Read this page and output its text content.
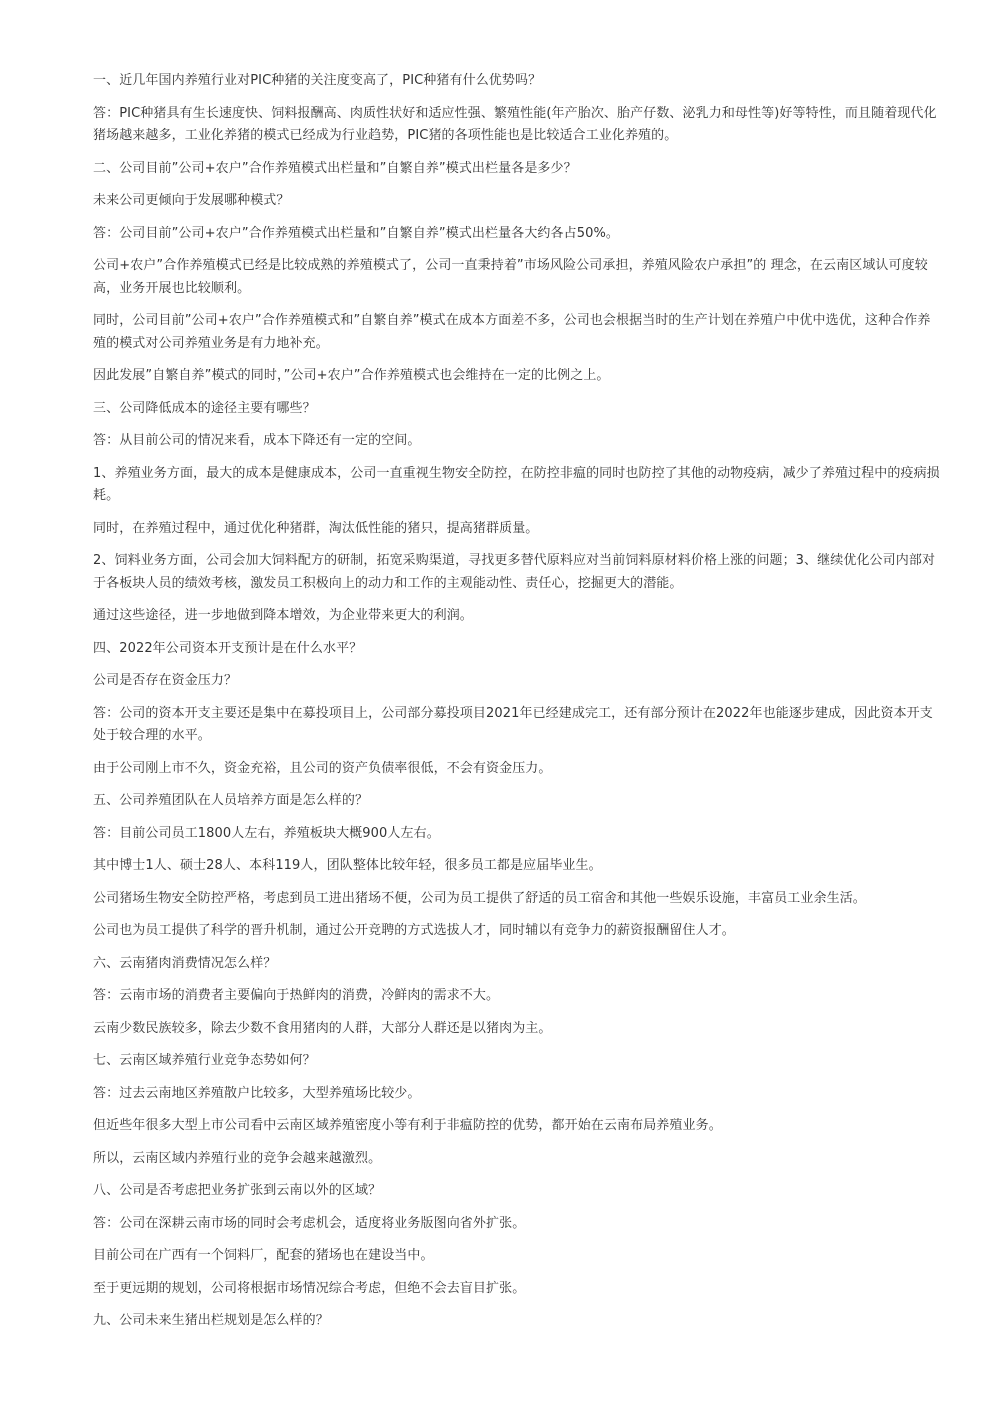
一、近几年国内养殖行业对PIC种猪的关注度变高了，PIC种猪有什么优势吗？

答：PIC种猪具有生长速度快、饲料报酬高、肉质性状好和适应性强、繁殖性能(年产胎次、胎产仔数、泌乳力和母性等)好等特性，而且随着现代化猪场越来越多，工业化养猪的模式已经成为行业趋势，PIC猪的各项性能也是比较适合工业化养殖的。

二、公司目前”公司+农户”合作养殖模式出栏量和”自繁自养”模式出栏量各是多少？

未来公司更倾向于发展哪种模式？

答：公司目前”公司+农户”合作养殖模式出栏量和”自繁自养”模式出栏量各大约各占50%。

公司+农户”合作养殖模式已经是比较成熟的养殖模式了，公司一直秉持着”市场风险公司承担，养殖风险农户承担”的 理念，在云南区域认可度较高，业务开展也比较顺利。

同时，公司目前”公司+农户”合作养殖模式和”自繁自养”模式在成本方面差不多，公司也会根据当时的生产计划在养殖户中优中选优，这种合作养殖的模式对公司养殖业务是有力地补充。

因此发展”自繁自养”模式的同时，”公司+农户”合作养殖模式也会维持在一定的比例之上。

三、公司降低成本的途径主要有哪些？

答：从目前公司的情况来看，成本下降还有一定的空间。

1、养殖业务方面，最大的成本是健康成本，公司一直重视生物安全防控，在防控非瘟的同时也防控了其他的动物疫病，减少了养殖过程中的疫病损耗。

同时，在养殖过程中，通过优化种猪群，淘汰低性能的猪只，提高猪群质量。

2、饲料业务方面，公司会加大饲料配方的研制，拓宽采购渠道，寻找更多替代原料应对当前饲料原材料价格上涨的问题；3、继续优化公司内部对于各板块人员的绩效考核，激发员工积极向上的动力和工作的主观能动性、责任心，挖掘更大的潜能。

通过这些途径，进一步地做到降本增效，为企业带来更大的利润。

四、2022年公司资本开支预计是在什么水平？

公司是否存在资金压力？

答：公司的资本开支主要还是集中在募投项目上，公司部分募投项目2021年已经建成完工，还有部分预计在2022年也能逐步建成，因此资本开支处于较合理的水平。

由于公司刚上市不久，资金充裕，且公司的资产负债率很低，不会有资金压力。

五、公司养殖团队在人员培养方面是怎么样的？

答：目前公司员工1800人左右，养殖板块大概900人左右。

其中博士1人、硕士28人、本科119人，团队整体比较年轻，很多员工都是应届毕业生。

公司猪场生物安全防控严格，考虑到员工进出猪场不便，公司为员工提供了舒适的员工宿舍和其他一些娱乐设施，丰富员工业余生活。

公司也为员工提供了科学的晋升机制，通过公开竞聘的方式选拔人才，同时辅以有竞争力的薪资报酬留住人才。

六、云南猪肉消费情况怎么样？

答：云南市场的消费者主要偏向于热鲜肉的消费，冷鲜肉的需求不大。

云南少数民族较多，除去少数不食用猪肉的人群，大部分人群还是以猪肉为主。

七、云南区域养殖行业竞争态势如何？

答：过去云南地区养殖散户比较多，大型养殖场比较少。

但近些年很多大型上市公司看中云南区域养殖密度小等有利于非瘟防控的优势，都开始在云南布局养殖业务。

所以，云南区域内养殖行业的竞争会越来越激烈。

八、公司是否考虑把业务扩张到云南以外的区域？

答：公司在深耕云南市场的同时会考虑机会，适度将业务版图向省外扩张。

目前公司在广西有一个饲料厂，配套的猪场也在建设当中。

至于更远期的规划，公司将根据市场情况综合考虑，但绝不会去盲目扩张。

九、公司未来生猪出栏规划是怎么样的？
